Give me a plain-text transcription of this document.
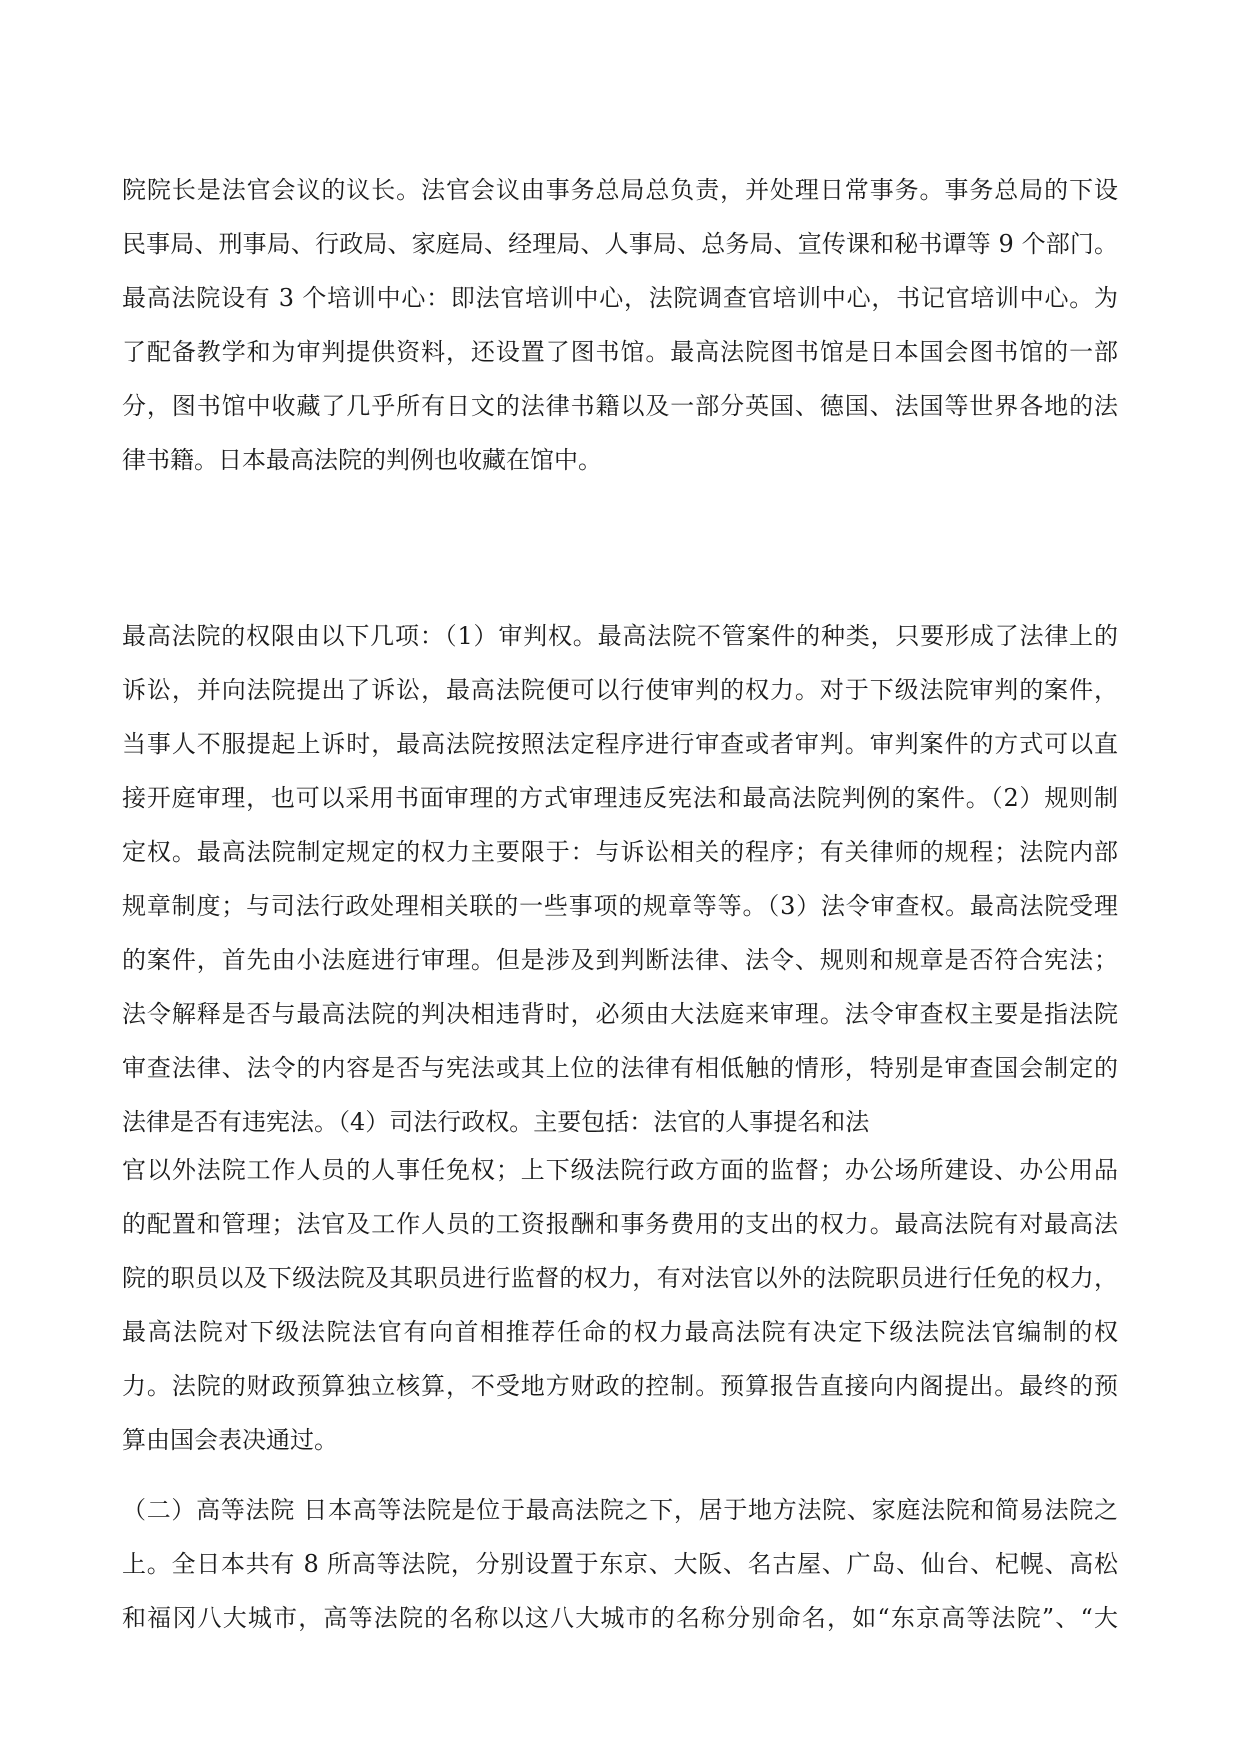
院院长是法官会议的议长。法官会议由事务总局总负责，并处理日常事务。事务总局的下设
民事局、刑事局、行政局、家庭局、经理局、人事局、总务局、宣传课和秘书谭等 9 个部门。
最高法院设有 3 个培训中心：即法官培训中心，法院调查官培训中心，书记官培训中心。为
了配备教学和为审判提供资料，还设置了图书馆。最高法院图书馆是日本国会图书馆的一部
分，图书馆中收藏了几乎所有日文的法律书籍以及一部分英国、德国、法国等世界各地的法
律书籍。日本最高法院的判例也收藏在馆中。
最高法院的权限由以下几项：（1）审判权。最高法院不管案件的种类，只要形成了法律上的
诉讼，并向法院提出了诉讼，最高法院便可以行使审判的权力。对于下级法院审判的案件，
当事人不服提起上诉时，最高法院按照法定程序进行审查或者审判。审判案件的方式可以直
接开庭审理，也可以采用书面审理的方式审理违反宪法和最高法院判例的案件。（2）规则制
定权。最高法院制定规定的权力主要限于：与诉讼相关的程序；有关律师的规程；法院内部
规章制度；与司法行政处理相关联的一些事项的规章等等。（3）法令审查权。最高法院受理
的案件，首先由小法庭进行审理。但是涉及到判断法律、法令、规则和规章是否符合宪法；
法令解释是否与最高法院的判决相违背时，必须由大法庭来审理。法令审查权主要是指法院
审查法律、法令的内容是否与宪法或其上位的法律有相低触的情形，特别是审查国会制定的
法律是否有违宪法。（4）司法行政权。主要包括：法官的人事提名和法
官以外法院工作人员的人事任免权；上下级法院行政方面的监督；办公场所建设、办公用品
的配置和管理；法官及工作人员的工资报酬和事务费用的支出的权力。最高法院有对最高法
院的职员以及下级法院及其职员进行监督的权力，有对法官以外的法院职员进行任免的权力，
最高法院对下级法院法官有向首相推荐任命的权力最高法院有决定下级法院法官编制的权
力。法院的财政预算独立核算，不受地方财政的控制。预算报告直接向内阁提出。最终的预
算由国会表决通过。
（二）高等法院 日本高等法院是位于最高法院之下，居于地方法院、家庭法院和简易法院之
上。全日本共有 8 所高等法院，分别设置于东京、大阪、名古屋、广岛、仙台、杞幌、高松
和福冈八大城市，高等法院的名称以这八大城市的名称分别命名，如“东京高等法院”、“大
